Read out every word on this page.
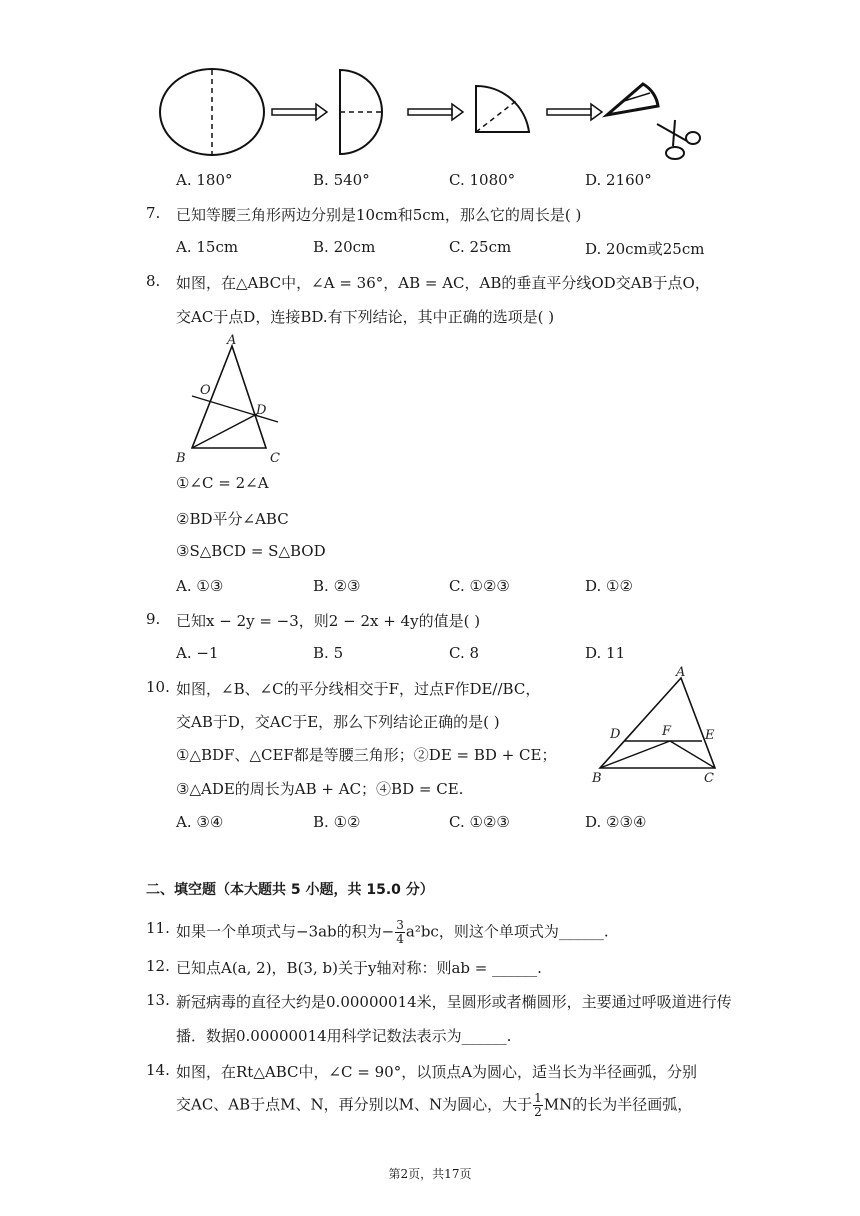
A. 180°	B. 540°	C. 1080°	D. 2160°
7. 已知等腰三角形两边分别是10cm和5cm，那么它的周长是( )
A. 15cm	B. 20cm	C. 25cm	D. 20cm或25cm
8. 如图，在△ABC中，∠A = 36°，AB = AC，AB的垂直平分线OD交AB于点O，
交AC于点D，连接BD.有下列结论，其中正确的选项是( )
A
O
D
B	C
①∠C = 2∠A
②BD平分∠ABC
③S△BCD = S△BOD
A. ①③	B. ②③	C. ①②③	D. ①②
9. 已知x − 2y = −3，则2 − 2x + 4y的值是( )
A. −1	B. 5	C. 8	D. 11
10. 如图，∠B、∠C的平分线相交于F，过点F作DE//BC，
交AB于D，交AC于E，那么下列结论正确的是( )
①△BDF、△CEF都是等腰三角形；②DE = BD + CE；
③△ADE的周长为AB + AC；④BD = CE.
A
D	F	E
B	C
A. ③④	B. ①②	C. ①②③	D. ②③④
二、填空题（本大题共 5 小题，共 15.0 分）
11. 如果一个单项式与−3ab的积为− $\frac{3}{4} a^2bc$，则这个单项式为______.
12. 已知点A(a, 2)，B(3, b)关于y轴对称：则ab = ______.
13. 新冠病毒的直径大约是0.00000014米，呈圆形或者椭圆形，主要通过呼吸道进行传
播．数据0.00000014用科学记数法表示为______.
14. 如图，在Rt△ABC中，∠C = 90°，以顶点A为圆心，适当长为半径画弧，分别
交AC、AB于点M、N，再分别以M、N为圆心，大于 $\frac{1}{2}$ MN的长为半径画弧，
第2页，共17页
